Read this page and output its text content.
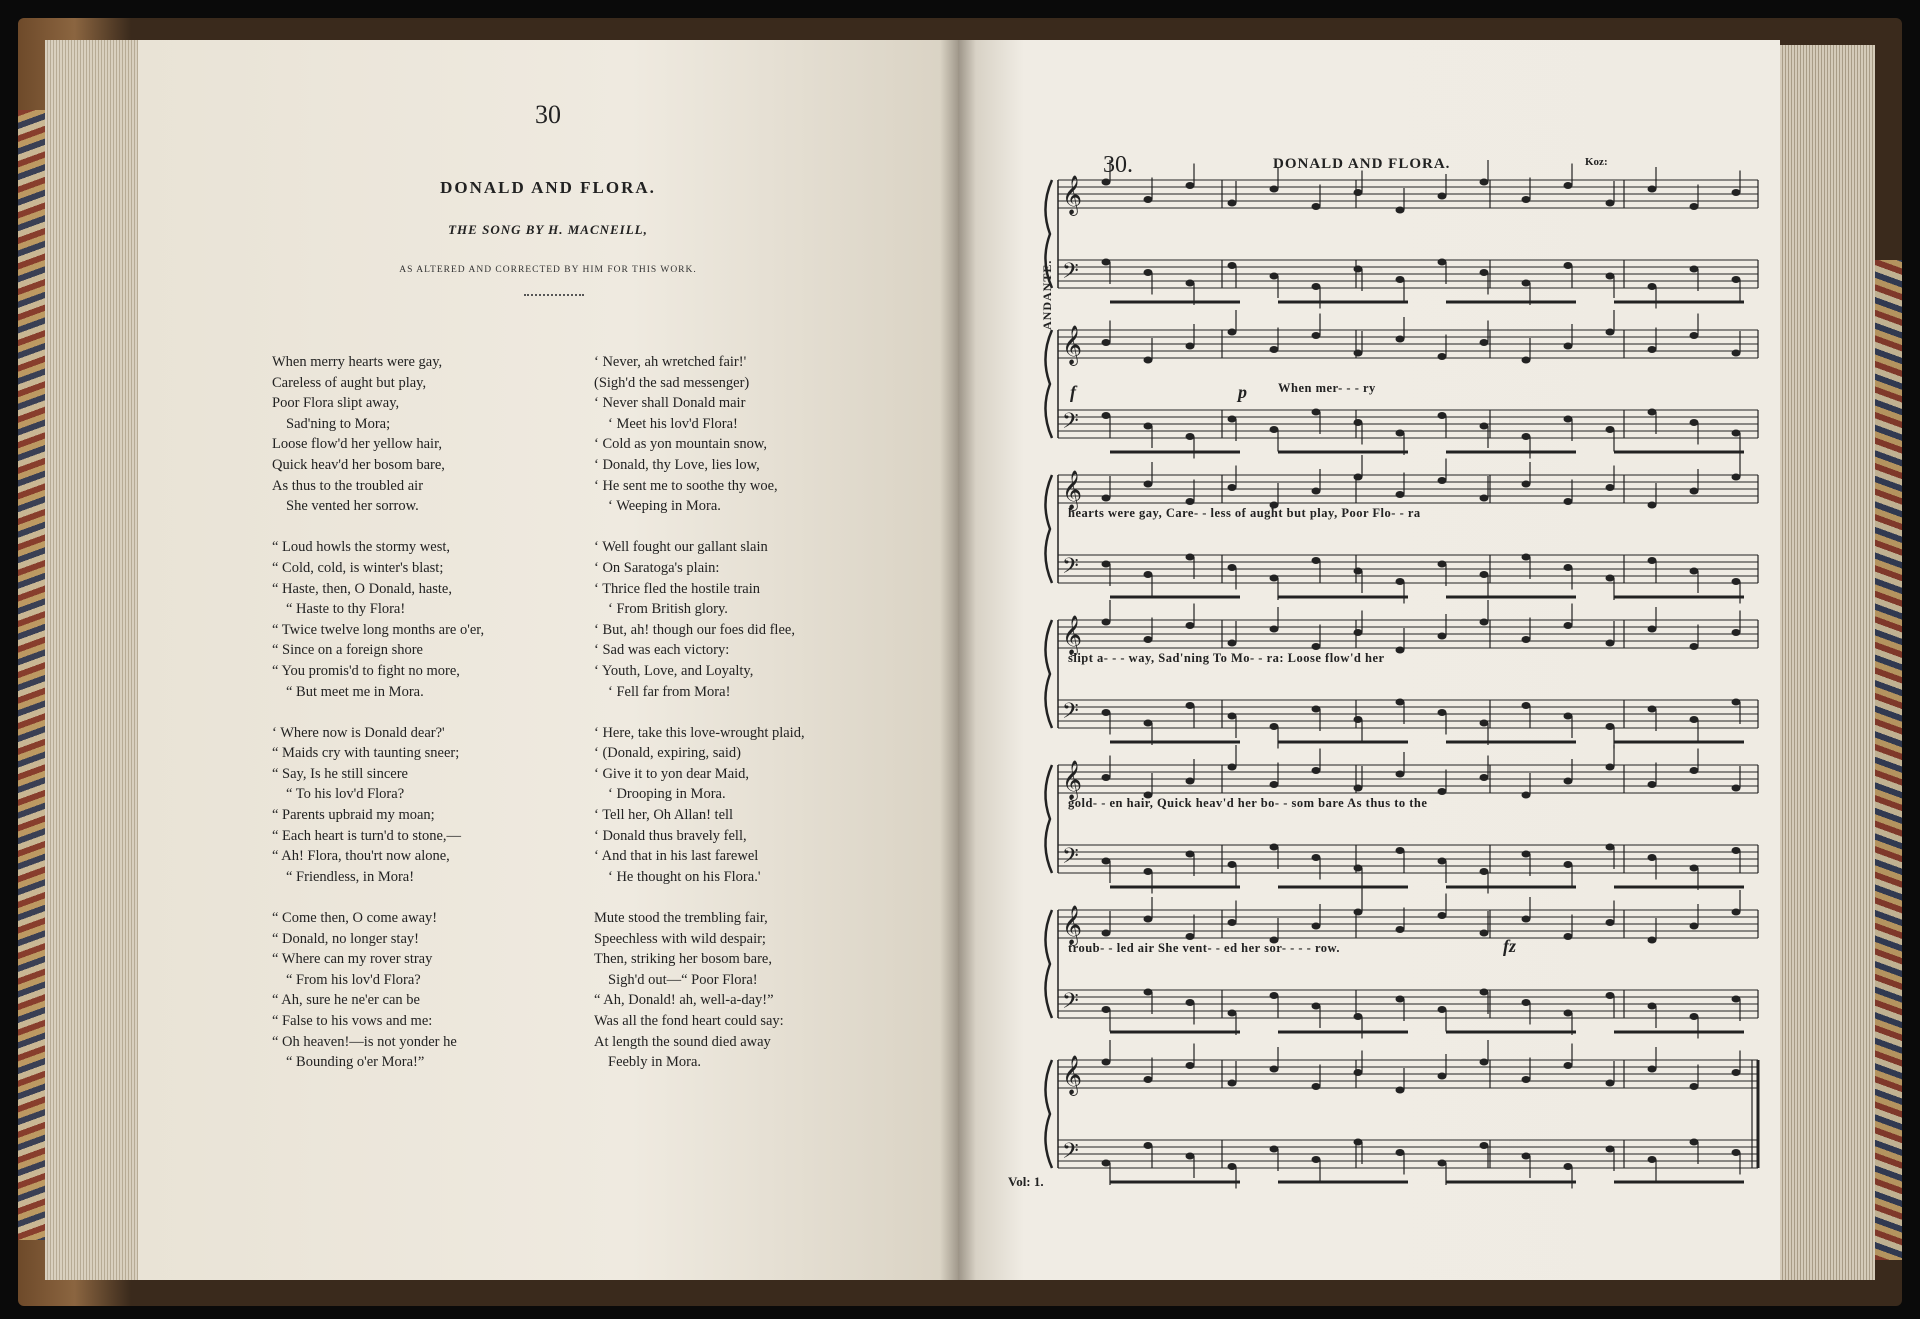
30
DONALD AND FLORA.
THE SONG BY H. MACNEILL,
AS ALTERED AND CORRECTED BY HIM FOR THIS WORK.
When merry hearts were gay,
Careless of aught but play,
Poor Flora slipt away,
Sad'ning to Mora;
Loose flow'd her yellow hair,
Quick heav'd her bosom bare,
As thus to the troubled air
She vented her sorrow.
“ Loud howls the stormy west,
“ Cold, cold, is winter's blast;
“ Haste, then, O Donald, haste,
“ Haste to thy Flora!
“ Twice twelve long months are o'er,
“ Since on a foreign shore
“ You promis'd to fight no more,
“ But meet me in Mora.
‘ Where now is Donald dear?'
“ Maids cry with taunting sneer;
“ Say, Is he still sincere
“ To his lov'd Flora?
“ Parents upbraid my moan;
“ Each heart is turn'd to stone,—
“ Ah! Flora, thou'rt now alone,
“ Friendless, in Mora!
“ Come then, O come away!
“ Donald, no longer stay!
“ Where can my rover stray
“ From his lov'd Flora?
“ Ah, sure he ne'er can be
“ False to his vows and me:
“ Oh heaven!—is not yonder he
“ Bounding o'er Mora!”
‘ Never, ah wretched fair!'
(Sigh'd the sad messenger)
‘ Never shall Donald mair
‘ Meet his lov'd Flora!
‘ Cold as yon mountain snow,
‘ Donald, thy Love, lies low,
‘ He sent me to soothe thy woe,
‘ Weeping in Mora.
‘ Well fought our gallant slain
‘ On Saratoga's plain:
‘ Thrice fled the hostile train
‘ From British glory.
‘ But, ah! though our foes did flee,
‘ Sad was each victory:
‘ Youth, Love, and Loyalty,
‘ Fell far from Mora!
‘ Here, take this love-wrought plaid,
‘ (Donald, expiring, said)
‘ Give it to yon dear Maid,
‘ Drooping in Mora.
‘ Tell her, Oh Allan! tell
‘ Donald thus bravely fell,
‘ And that in his last farewel
‘ He thought on his Flora.'
Mute stood the trembling fair,
Speechless with wild despair;
Then, striking her bosom bare,
Sigh'd out—“ Poor Flora!
“ Ah, Donald! ah, well-a-day!”
Was all the fond heart could say:
At length the sound died away
Feebly in Mora.
30.	DONALD AND FLORA.	Koz:
ANDANTE.
𝄞
𝄢
𝄞
𝄢
𝄞
𝄢
𝄞
𝄢
𝄞
𝄢
𝄞
𝄢
𝄞
𝄢
When mer- - - ry
hearts were gay, Care- - less of aught but play, Poor Flo- - ra
slipt a- - - way, Sad'ning To Mo- - ra: Loose flow'd her
gold- - en hair, Quick heav'd her bo- - som bare As thus to the
troub- - led air She vent- - ed her sor- - - - row.
f	p
fz
Vol: 1.
